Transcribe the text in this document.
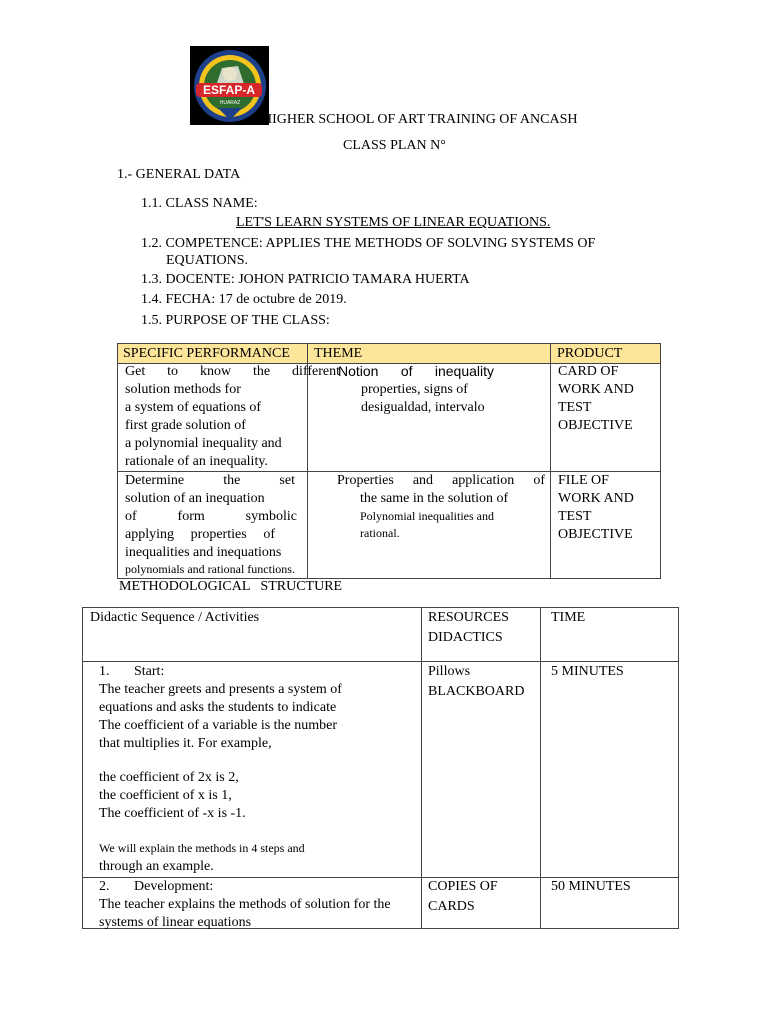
ESFAP-A
HUARAZ
HIGHER SCHOOL OF ART TRAINING OF ANCASH
CLASS PLAN N°
1.- GENERAL DATA
1.1. CLASS NAME:
LET'S LEARN SYSTEMS OF LINEAR EQUATIONS.
1.2. COMPETENCE: APPLIES THE METHODS OF SOLVING SYSTEMS OF
EQUATIONS.
1.3. DOCENTE: JOHON PATRICIO TAMARA HUERTA
1.4. FECHA: 17 de octubre de 2019.
1.5. PURPOSE OF THE CLASS:
SPECIFIC PERFORMANCE THEME	PRODUCT
Get to know the different
solution methods for
a system of equations of
first grade solution of
a polynomial inequality and
rationale of an inequality.
Notion of inequality
properties, signs of
desigualdad, intervalo
CARD OF
WORK AND
TEST
OBJECTIVE
Determine the set
solution of an inequation
of form symbolic
applying properties of
inequalities and inequations
polynomials and rational functions.
Properties and application of
the same in the solution of
Polynomial inequalities and
rational.
FILE OF
WORK AND
TEST
OBJECTIVE
METHODOLOGICAL   STRUCTURE
Didactic Sequence / Activities	RESOURCES
DIDACTICS
TIME
1. Start:
The teacher greets and presents a system of
equations and asks the students to indicate
The coefficient of a variable is the number
that multiplies it. For example,
the coefficient of 2x is 2,
the coefficient of x is 1,
The coefficient of -x is -1.
We will explain the methods in 4 steps and
through an example.
Pillows
BLACKBOARD
5 MINUTES
2. Development:
The teacher explains the methods of solution for the
systems of linear equations
COPIES OF
CARDS
50 MINUTES
